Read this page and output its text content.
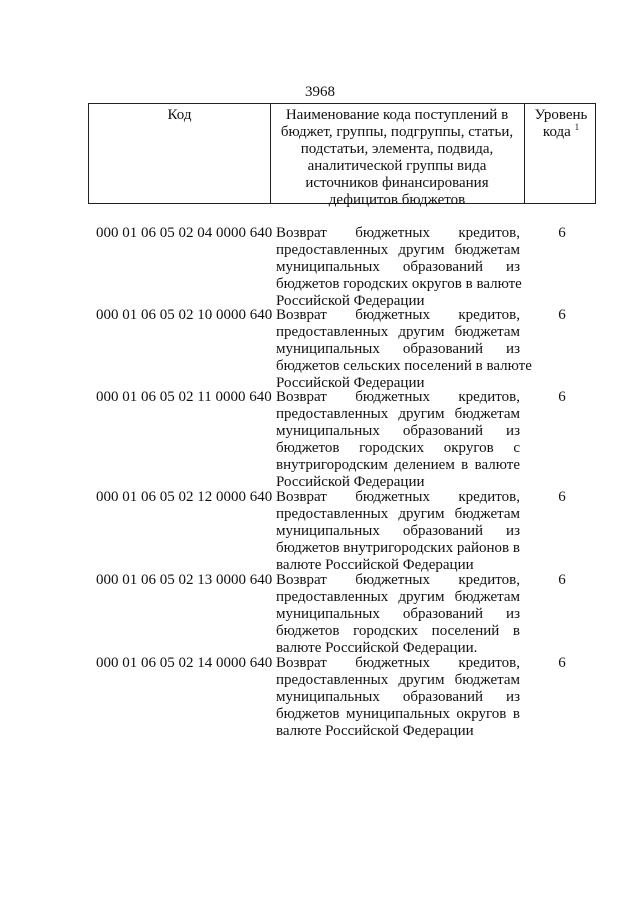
3968
Код	Наименование кода поступлений в
бюджет, группы, подгруппы, статьи,
подстатьи, элемента, подвида,
аналитической группы вида
источников финансирования
дефицитов бюджетов
Уровень
кода $^1$
000 01 06 05 02 04 0000 640 Возврат бюджетных кредитов,
предоставленных другим бюджетам
муниципальных образований из
бюджетов городских округов в валюте
Российской Федерации
6
000 01 06 05 02 10 0000 640 Возврат бюджетных кредитов,
предоставленных другим бюджетам
муниципальных образований из
бюджетов сельских поселений в валюте
Российской Федерации
6
000 01 06 05 02 11 0000 640 Возврат бюджетных кредитов,
предоставленных другим бюджетам
муниципальных образований из
бюджетов городских округов с
внутригородским делением в валюте
Российской Федерации
6
000 01 06 05 02 12 0000 640 Возврат бюджетных кредитов,
предоставленных другим бюджетам
муниципальных образований из
бюджетов внутригородских районов в
валюте Российской Федерации
6
000 01 06 05 02 13 0000 640 Возврат бюджетных кредитов,
предоставленных другим бюджетам
муниципальных образований из
бюджетов городских поселений в
валюте Российской Федерации.
6
000 01 06 05 02 14 0000 640 Возврат бюджетных кредитов,
предоставленных другим бюджетам
муниципальных образований из
бюджетов муниципальных округов в
валюте Российской Федерации
6
